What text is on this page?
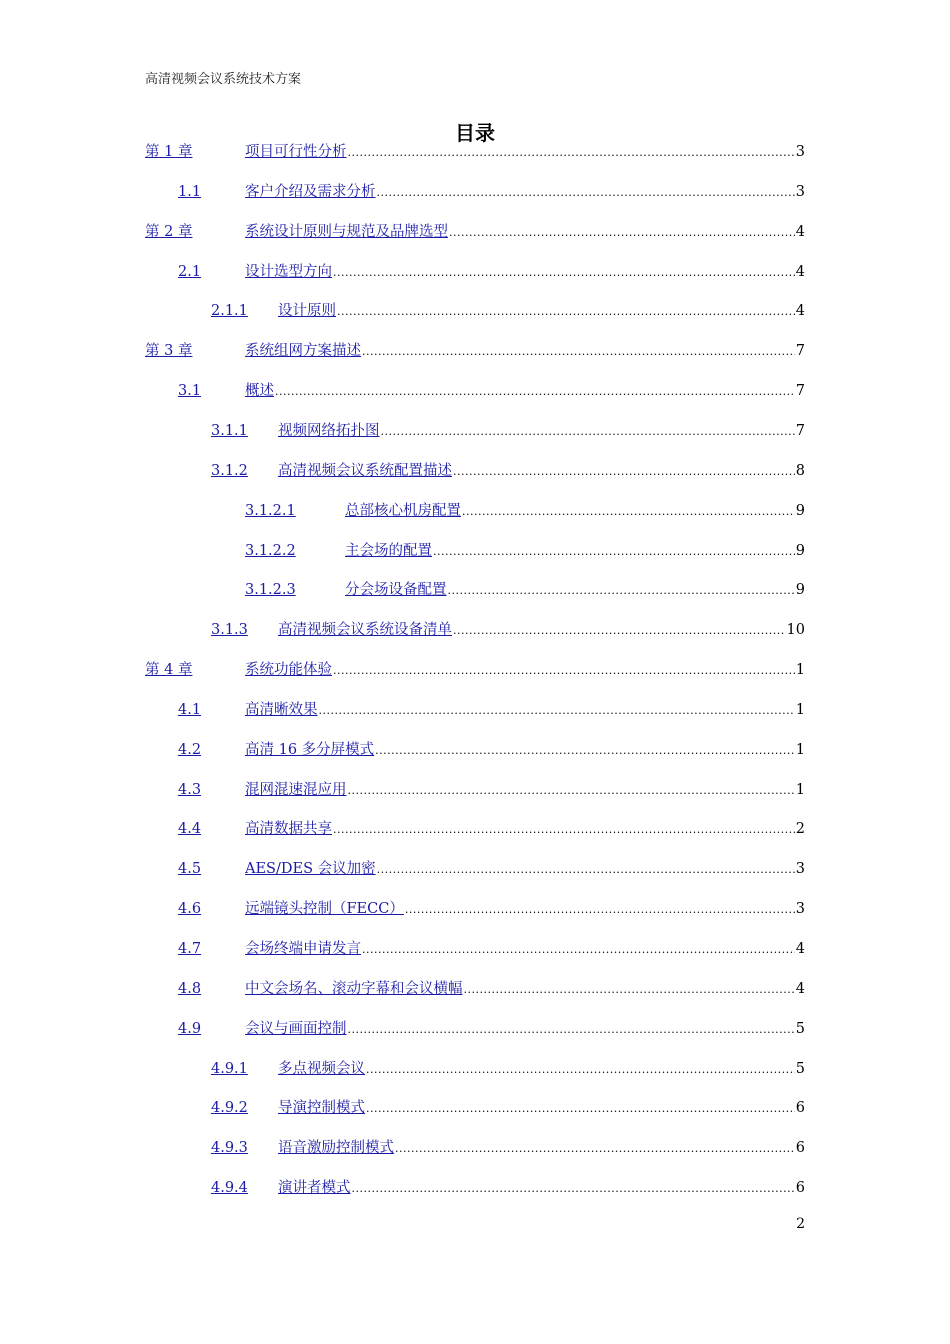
高清视频会议系统技术方案
目录
第 1 章	项目可行性分析 .....	3
1.1	客户介绍及需求分析 .....	3
第 2 章	系统设计原则与规范及品牌选型 .....	4
2.1	设计选型方向 .....	4
2.1.1	设计原则 .....	4
第 3 章	系统组网方案描述 .....	7
3.1	概述 .....	7
3.1.1	视频网络拓扑图 .....	7
3.1.2	高清视频会议系统配置描述 .....	8
3.1.2.1	总部核心机房配置 .....	9
3.1.2.2	主会场的配置 .....	9
3.1.2.3	分会场设备配置 .....	9
3.1.3	高清视频会议系统设备清单 .....	10
第 4 章	系统功能体验 .....	1
4.1	高清晰效果 .....	1
4.2	高清 16 多分屏模式 .....	1
4.3	混网混速混应用 .....	1
4.4	高清数据共享 .....	2
4.5	AES/DES 会议加密 .....	3
4.6	远端镜头控制（FECC） .....	3
4.7	会场终端申请发言 .....	4
4.8	中文会场名、滚动字幕和会议横幅 .....	4
4.9	会议与画面控制 .....	5
4.9.1	多点视频会议 .....	5
4.9.2	导演控制模式 .....	6
4.9.3	语音激励控制模式 .....	6
4.9.4	演讲者模式 .....	6
2
